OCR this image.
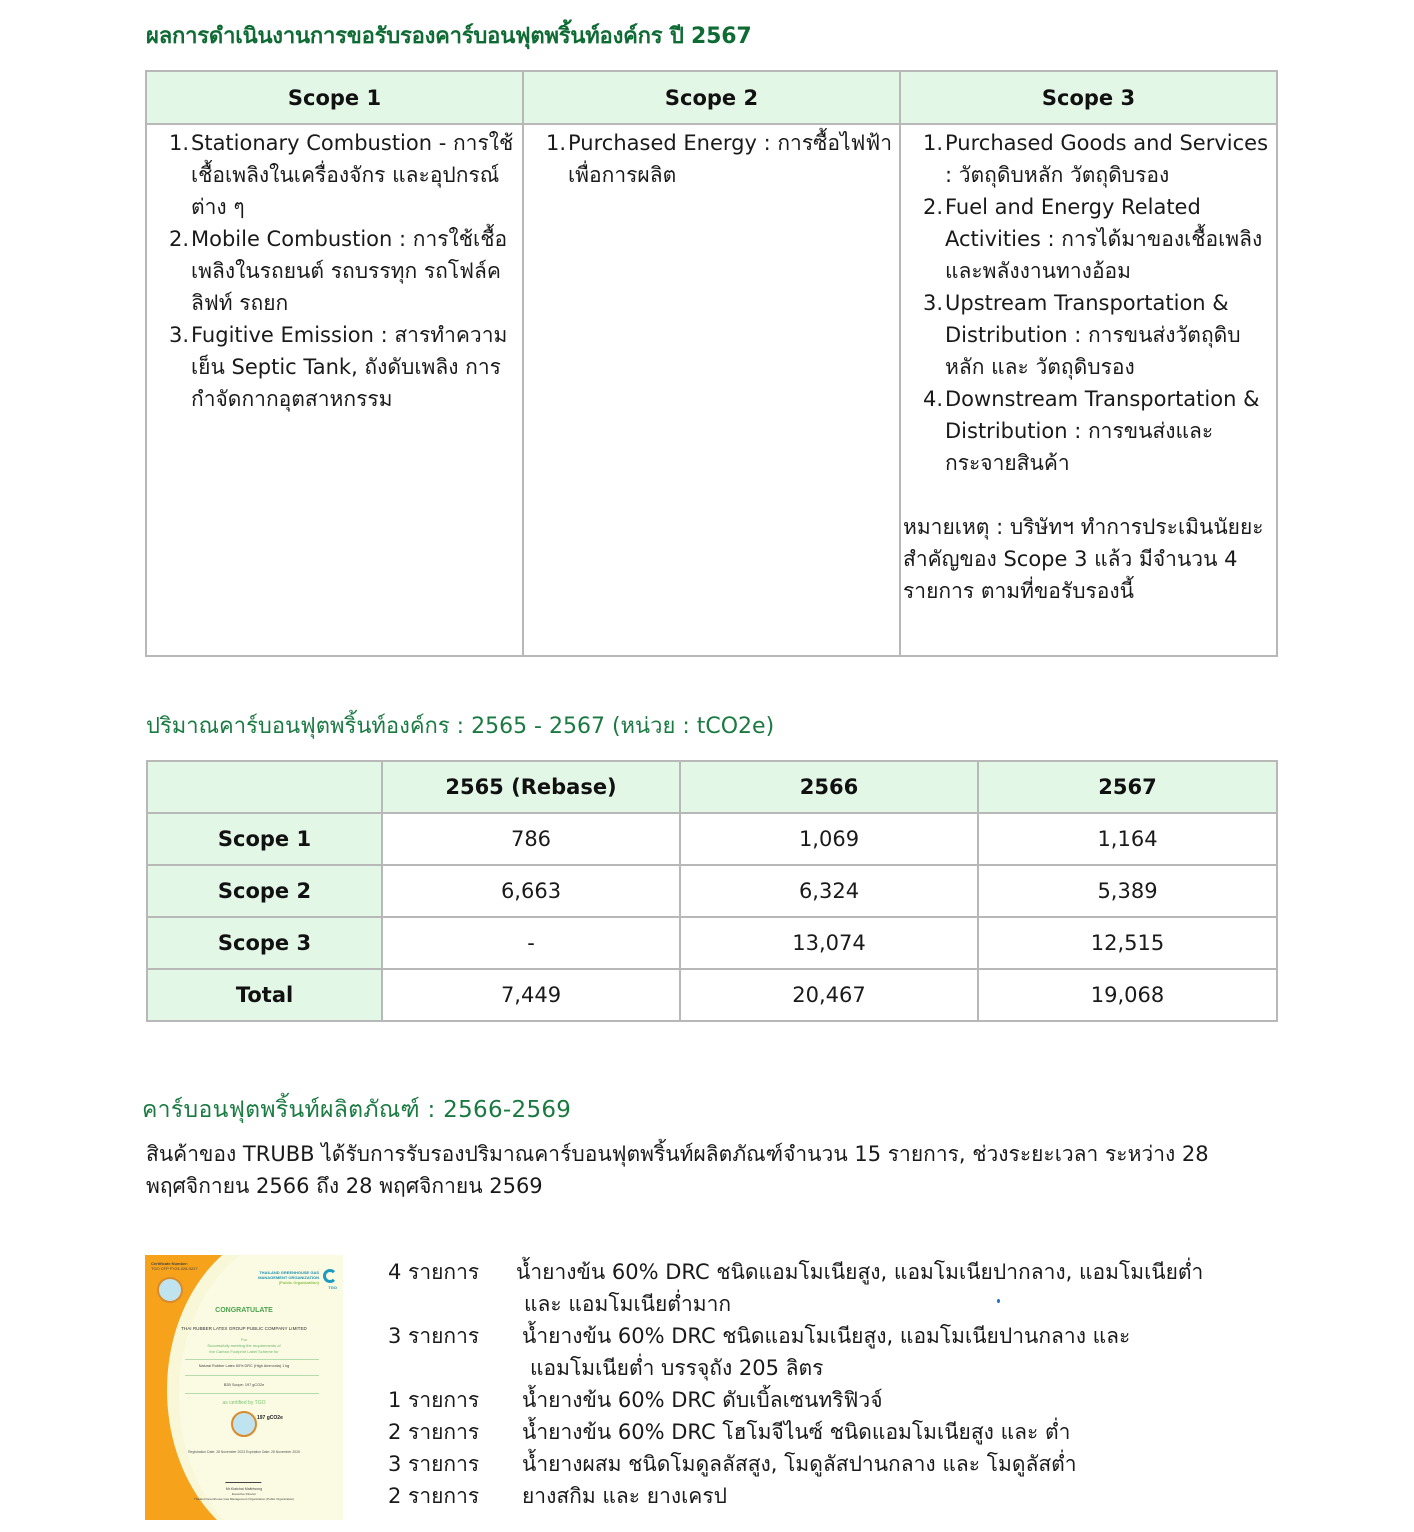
ผลการดำเนินงานการขอรับรองคาร์บอนฟุตพริ้นท์องค์กร ปี 2567
Scope 1	Scope 2	Scope 3

1. Stationary Combustion - การใช้เชื้อเพลิงในเครื่องจักร และอุปกรณ์ต่าง ๆ
2. Mobile Combustion : การใช้เชื้อเพลิงในรถยนต์ รถบรรทุก รถโฟล์คลิฟท์ รถยก
3. Fugitive Emission : สารทำความเย็น Septic Tank, ถังดับเพลิง การกำจัดกากอุตสาหกรรม

1. Purchased Energy : การซื้อไฟฟ้าเพื่อการผลิต

1. Purchased Goods and Services : วัตถุดิบหลัก วัตถุดิบรอง
2. Fuel and Energy Related Activities : การได้มาของเชื้อเพลิงและพลังงานทางอ้อม
3. Upstream Transportation & Distribution : การขนส่งวัตถุดิบหลัก และ วัตถุดิบรอง
4. Downstream Transportation & Distribution : การขนส่งและกระจายสินค้า
หมายเหตุ : บริษัทฯ ทำการประเมินนัยยะสำคัญของ Scope 3 แล้ว มีจำนวน 4 รายการ ตามที่ขอรับรองนี้
ปริมาณคาร์บอนฟุตพริ้นท์องค์กร : 2565 - 2567 (หน่วย : tCO2e)
	2565 (Rebase)	2566	2567
Scope 1	786	1,069	1,164
Scope 2	6,663	6,324	5,389
Scope 3	-	13,074	12,515
Total	7,449	20,467	19,068
คาร์บอนฟุตพริ้นท์ผลิตภัณฑ์ : 2566-2569
สินค้าของ TRUBB ได้รับการรับรองปริมาณคาร์บอนฟุตพริ้นท์ผลิตภัณฑ์จำนวน 15 รายการ, ช่วงระยะเวลา ระหว่าง 28 พฤศจิกายน 2566 ถึง 28 พฤศจิกายน 2569
Certificate Number:
TGO CFP FY24-028-0227
THAILAND GREENHOUSE GAS
MANAGEMENT ORGANIZATION
(Public Organization)
TGO
CONGRATULATE
THAI RUBBER LATEX GROUP PUBLIC COMPANY LIMITED
For
Successfully meeting the requirements of
the Carbon Footprint Label Scheme for
Natural Rubber Latex 60% DRC (High Ammonia) 1 kg
B2B Scope: 197 gCO2e
as certified by TGO
197 gCO2e
Registration Date: 28 November 2023 Expiration Date: 28 November 2026
Mr.Kiatchai Maitriwong
Executive Director
Thailand Greenhouse Gas Management Organization (Public Organization)
4 รายการ	น้ำยางข้น 60% DRC ชนิดแอมโมเนียสูง, แอมโมเนียปากลาง, แอมโมเนียต่ำ
และ แอมโมเนียต่ำมาก
3 รายการ	น้ำยางข้น 60% DRC ชนิดแอมโมเนียสูง, แอมโมเนียปานกลาง และ
แอมโมเนียต่ำ บรรจุถัง 205 ลิตร
1 รายการ	น้ำยางข้น 60% DRC ดับเบิ้ลเซนทริฟิวจ์
2 รายการ	น้ำยางข้น 60% DRC โฮโมจีไนซ์ ชนิดแอมโมเนียสูง และ ต่ำ
3 รายการ	น้ำยางผสม ชนิดโมดูลลัสสูง, โมดูลัสปานกลาง และ โมดูลัสต่ำ
2 รายการ	ยางสกิม และ ยางเครป
